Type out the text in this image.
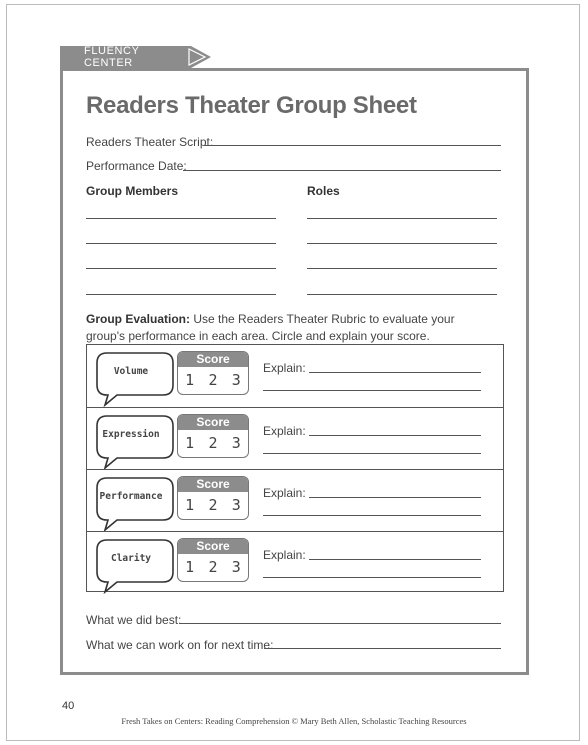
FLUENCY CENTER
Readers Theater Group Sheet
Readers Theater Script:
Performance Date:
Group Members	Roles
Group Evaluation: Use the Readers Theater Rubric to evaluate your group's performance in each area. Circle and explain your score.
Volume
Score
1 2 3
Explain:
Expression
Score
1 2 3
Explain:
Performance
Score
1 2 3
Explain:
Clarity
Score
1 2 3
Explain:
What we did best:
What we can work on for next time:
40
Fresh Takes on Centers: Reading Comprehension © Mary Beth Allen, Scholastic Teaching Resources
